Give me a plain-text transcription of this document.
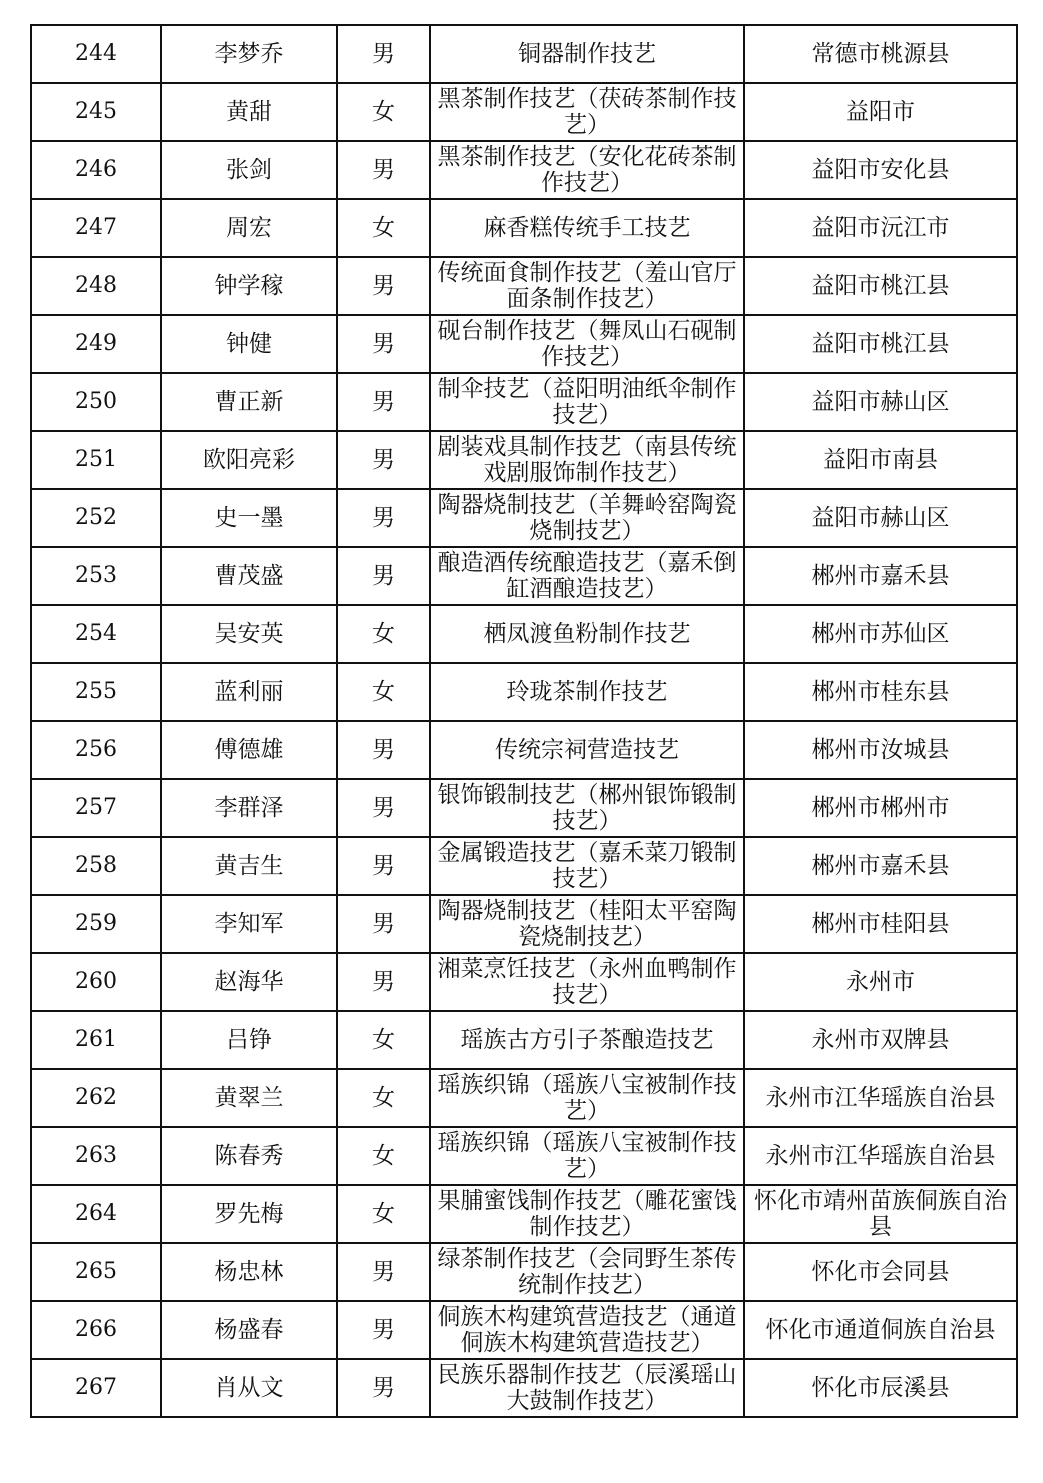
244	李梦乔	男	铜器制作技艺	常德市桃源县
245	黄甜	女	黑茶制作技艺（茯砖茶制作技艺）	益阳市
246	张剑	男	黑茶制作技艺（安化花砖茶制作技艺）	益阳市安化县
247	周宏	女	麻香糕传统手工技艺	益阳市沅江市
248	钟学稼	男	传统面食制作技艺（羞山官厅面条制作技艺）	益阳市桃江县
249	钟健	男	砚台制作技艺（舞凤山石砚制作技艺）	益阳市桃江县
250	曹正新	男	制伞技艺（益阳明油纸伞制作技艺）	益阳市赫山区
251	欧阳亮彩	男	剧装戏具制作技艺（南县传统戏剧服饰制作技艺）	益阳市南县
252	史一墨	男	陶器烧制技艺（羊舞岭窑陶瓷烧制技艺）	益阳市赫山区
253	曹茂盛	男	酿造酒传统酿造技艺（嘉禾倒缸酒酿造技艺）	郴州市嘉禾县
254	吴安英	女	栖凤渡鱼粉制作技艺	郴州市苏仙区
255	蓝利丽	女	玲珑茶制作技艺	郴州市桂东县
256	傅德雄	男	传统宗祠营造技艺	郴州市汝城县
257	李群泽	男	银饰锻制技艺（郴州银饰锻制技艺）	郴州市郴州市
258	黄吉生	男	金属锻造技艺（嘉禾菜刀锻制技艺）	郴州市嘉禾县
259	李知军	男	陶器烧制技艺（桂阳太平窑陶瓷烧制技艺）	郴州市桂阳县
260	赵海华	男	湘菜烹饪技艺（永州血鸭制作技艺）	永州市
261	吕铮	女	瑶族古方引子茶酿造技艺	永州市双牌县
262	黄翠兰	女	瑶族织锦（瑶族八宝被制作技艺）	永州市江华瑶族自治县
263	陈春秀	女	瑶族织锦（瑶族八宝被制作技艺）	永州市江华瑶族自治县
264	罗先梅	女	果脯蜜饯制作技艺（雕花蜜饯制作技艺）	怀化市靖州苗族侗族自治县
265	杨忠林	男	绿茶制作技艺（会同野生茶传统制作技艺）	怀化市会同县
266	杨盛春	男	侗族木构建筑营造技艺（通道侗族木构建筑营造技艺）	怀化市通道侗族自治县
267	肖从文	男	民族乐器制作技艺（辰溪瑶山大鼓制作技艺）	怀化市辰溪县
